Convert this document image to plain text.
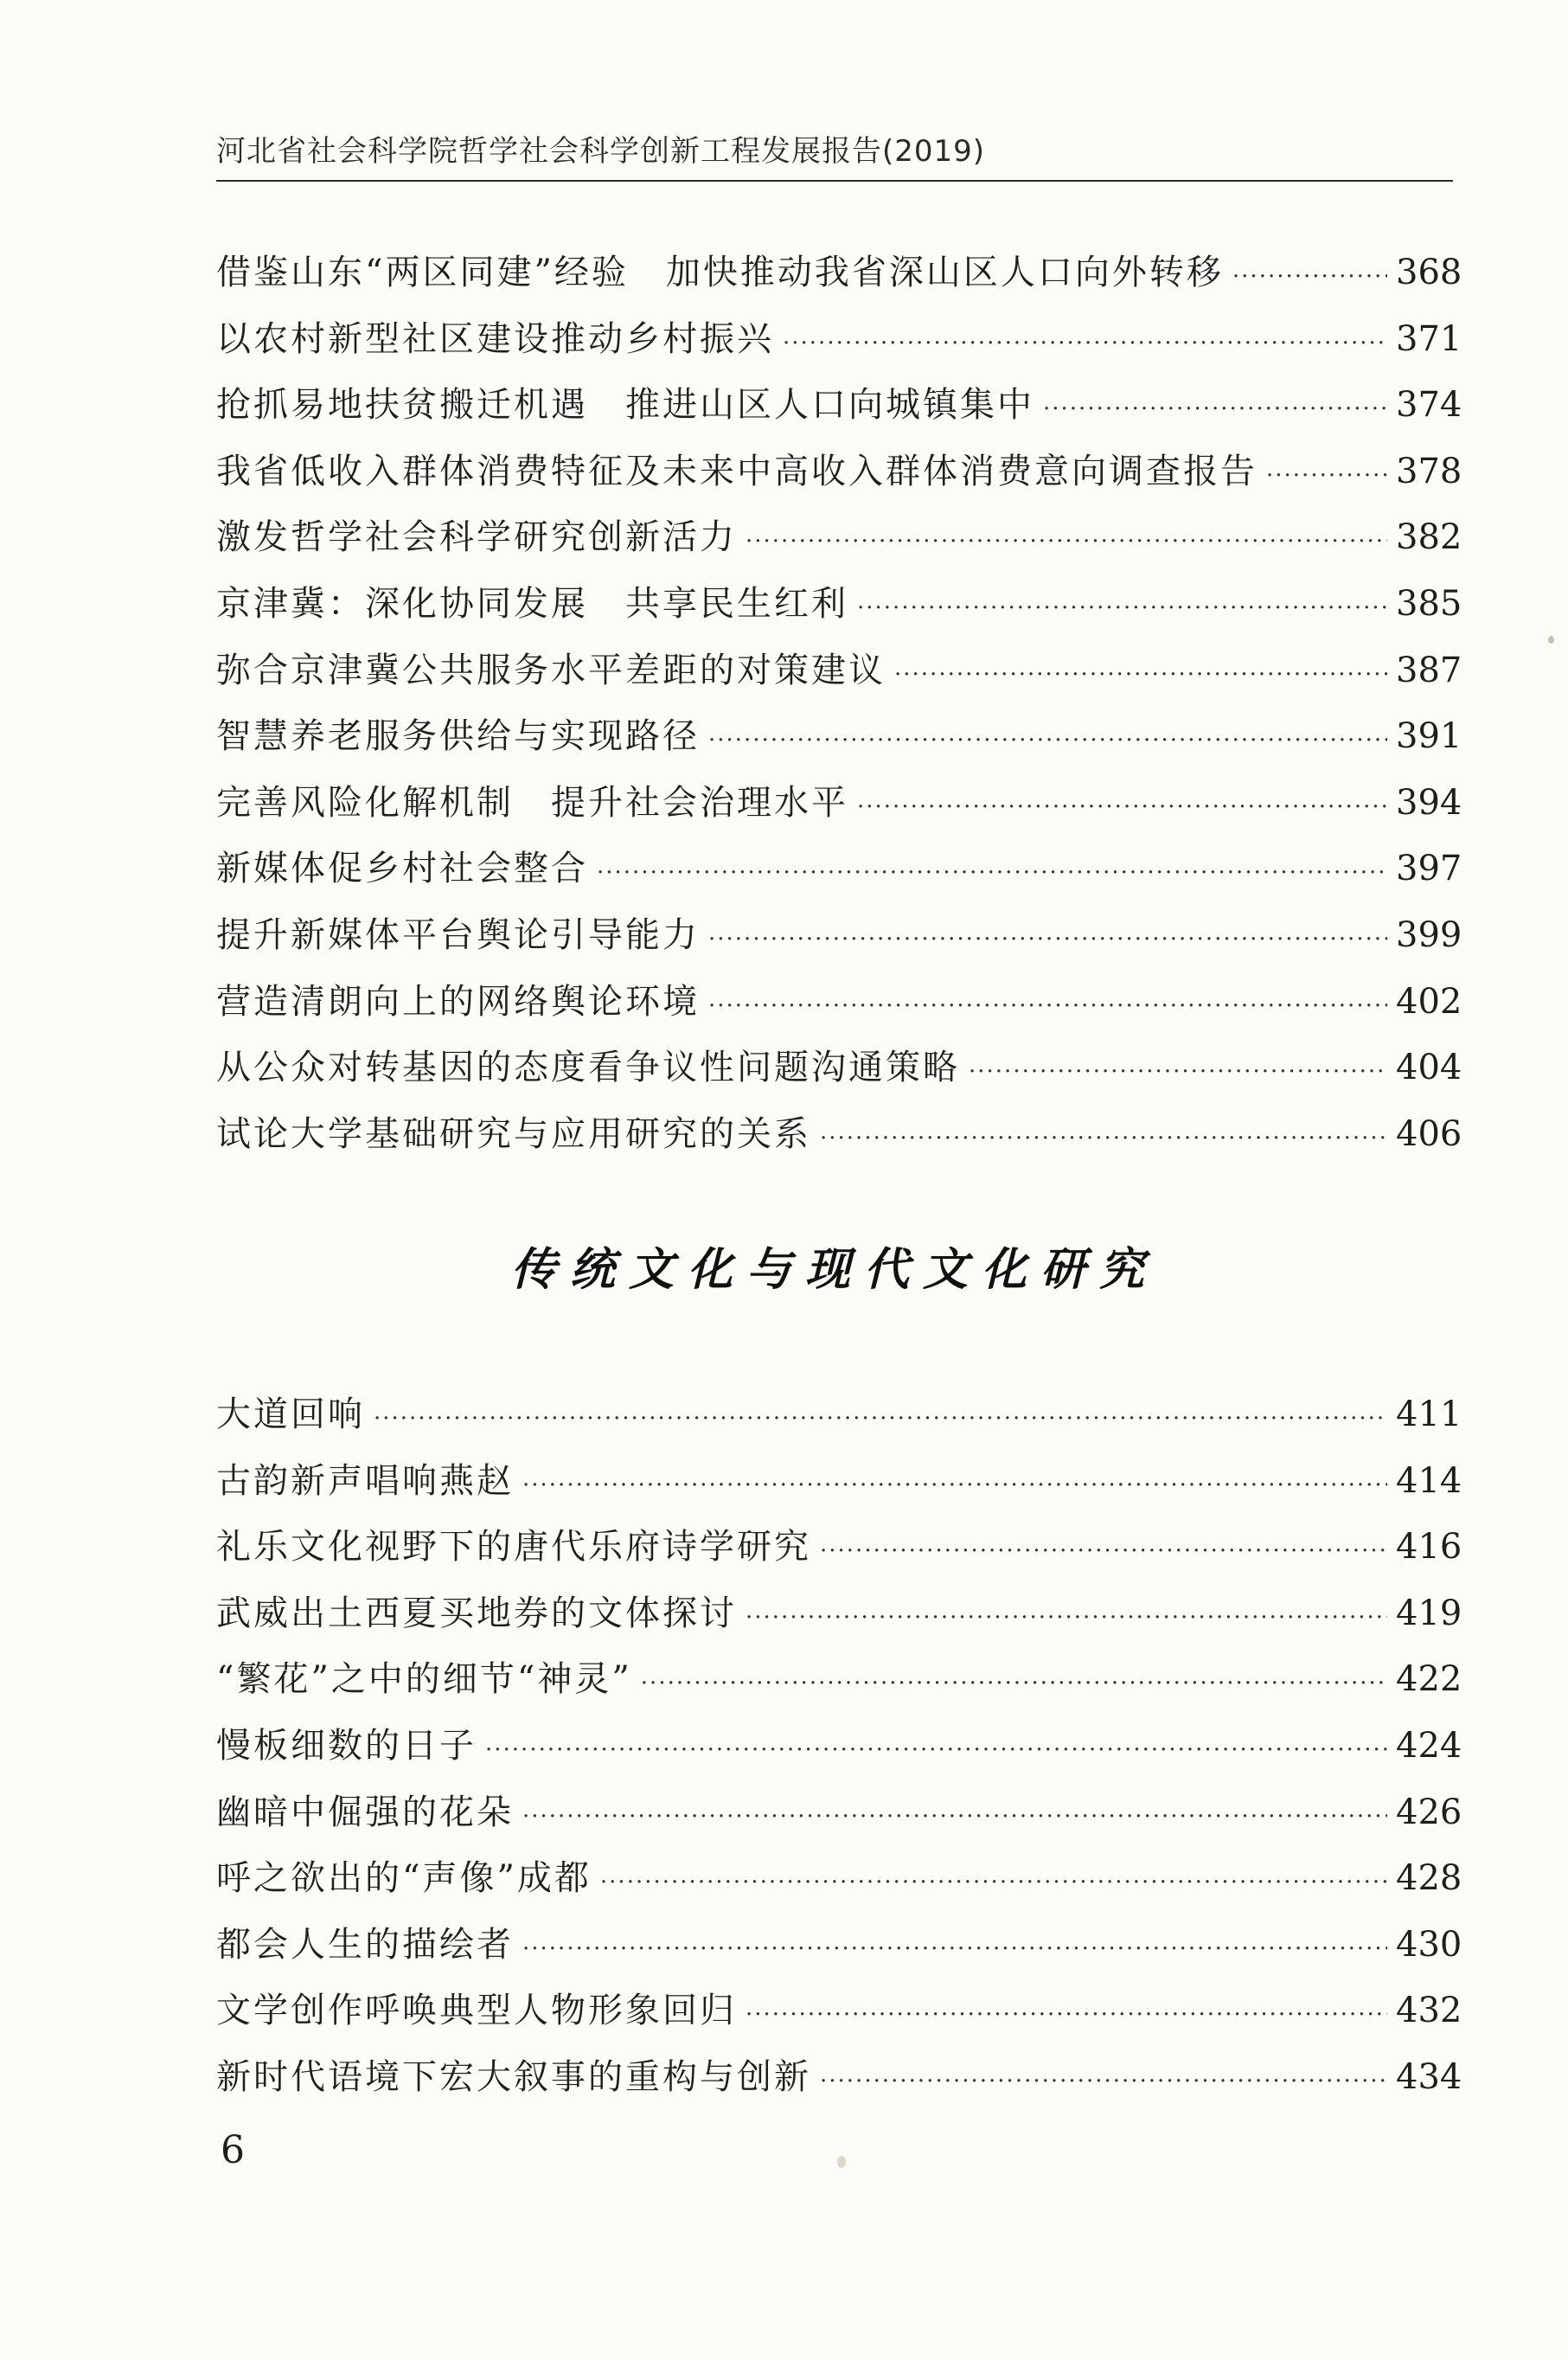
河北省社会科学院哲学社会科学创新工程发展报告(2019)
借鉴山东“两区同建”经验　加快推动我省深山区人口向外转移 ·····	368
以农村新型社区建设推动乡村振兴 ·····	371
抢抓易地扶贫搬迁机遇　推进山区人口向城镇集中 ·····	374
我省低收入群体消费特征及未来中高收入群体消费意向调查报告 ·····	378
激发哲学社会科学研究创新活力 ·····	382
京津冀：深化协同发展　共享民生红利 ·····	385
弥合京津冀公共服务水平差距的对策建议 ·····	387
智慧养老服务供给与实现路径 ·····	391
完善风险化解机制　提升社会治理水平 ·····	394
新媒体促乡村社会整合 ·····	397
提升新媒体平台舆论引导能力 ·····	399
营造清朗向上的网络舆论环境 ·····	402
从公众对转基因的态度看争议性问题沟通策略 ·····	404
试论大学基础研究与应用研究的关系 ·····	406
传统文化与现代文化研究
大道回响 ·····	411
古韵新声唱响燕赵 ·····	414
礼乐文化视野下的唐代乐府诗学研究 ·····	416
武威出土西夏买地券的文体探讨 ·····	419
“繁花”之中的细节“神灵” ·····	422
慢板细数的日子 ·····	424
幽暗中倔强的花朵 ·····	426
呼之欲出的“声像”成都 ·····	428
都会人生的描绘者 ·····	430
文学创作呼唤典型人物形象回归 ·····	432
新时代语境下宏大叙事的重构与创新 ·····	434
6
